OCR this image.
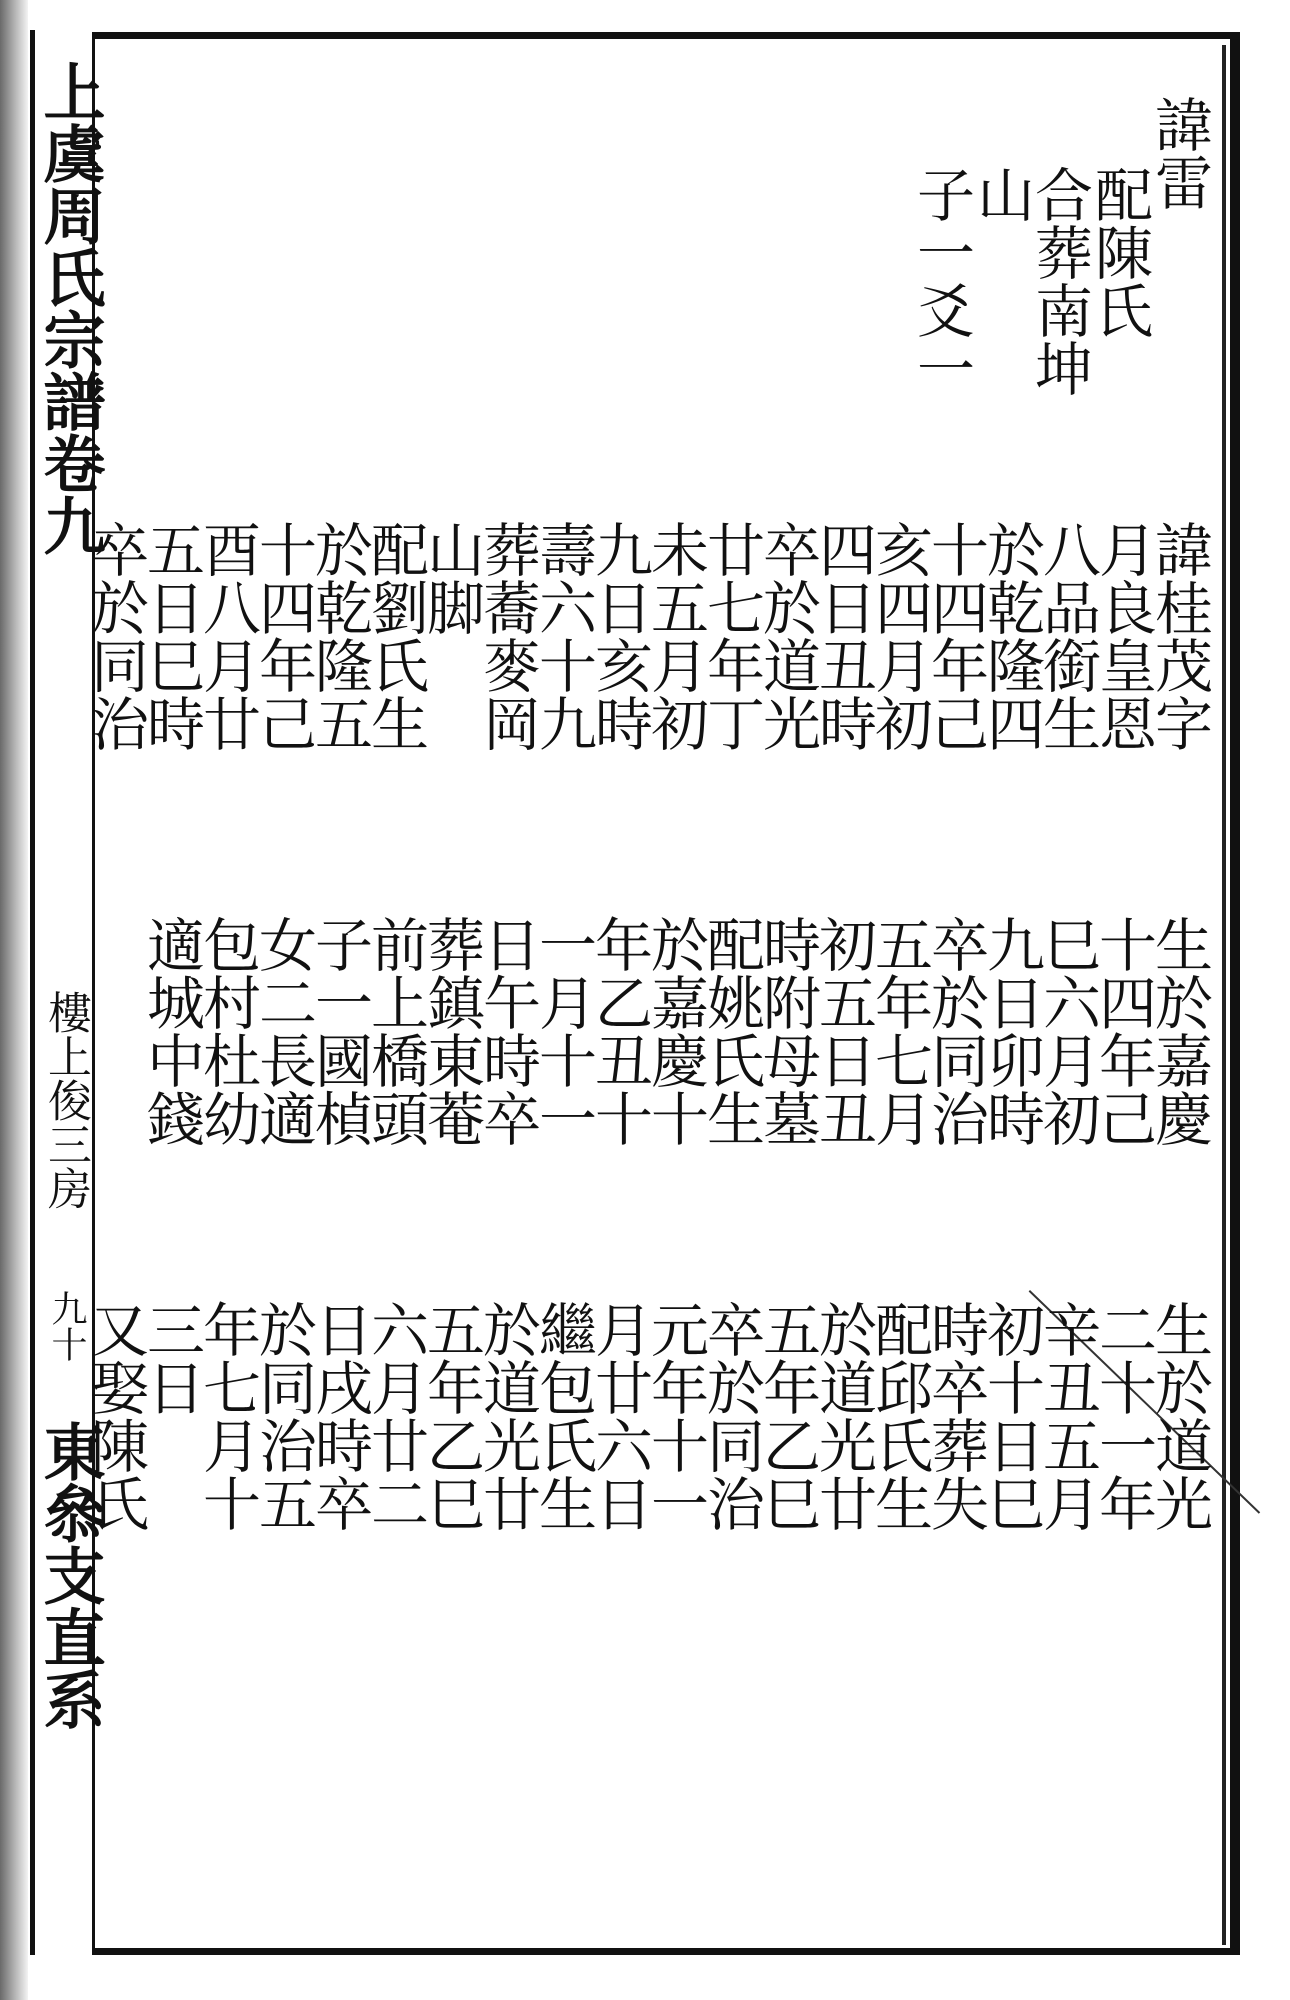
上虞周氏宗譜卷九
樓上俊三房
九十
東叅支直系
諱雷
配陳氏
合葬南坤
山
子一爻一
諱桂茂字
月良皇恩
八品銜生
於乾隆四
十四年己
亥四月初
四日丑時
卒於道光
廿七年丁
未五月初
九日亥時
壽六十九
葬蕎麥岡
山脚
配劉氏生
於乾隆五
十四年己
酉八月廿
五日巳時
卒於同治
生於嘉慶
十四年己
巳六月初
九日卯時
卒於同治
五年七月
初五日丑
時附母墓
配姚氏生
於嘉慶十
年乙丑十
一月十一
日午時卒
葬鎮東菴
前上橋頭
子一國楨
女二長適
包村杜幼
適城中錢
生於道光
二十一年
辛丑五月
初十日巳
時卒葬失
配邱氏生
於道光廿
五年乙巳
卒於同治
元年十一
月廿六日
繼包氏生
於道光廿
五年乙巳
六月廿二
日戌時卒
於同治五
年七月十
三日
又娶陳氏
